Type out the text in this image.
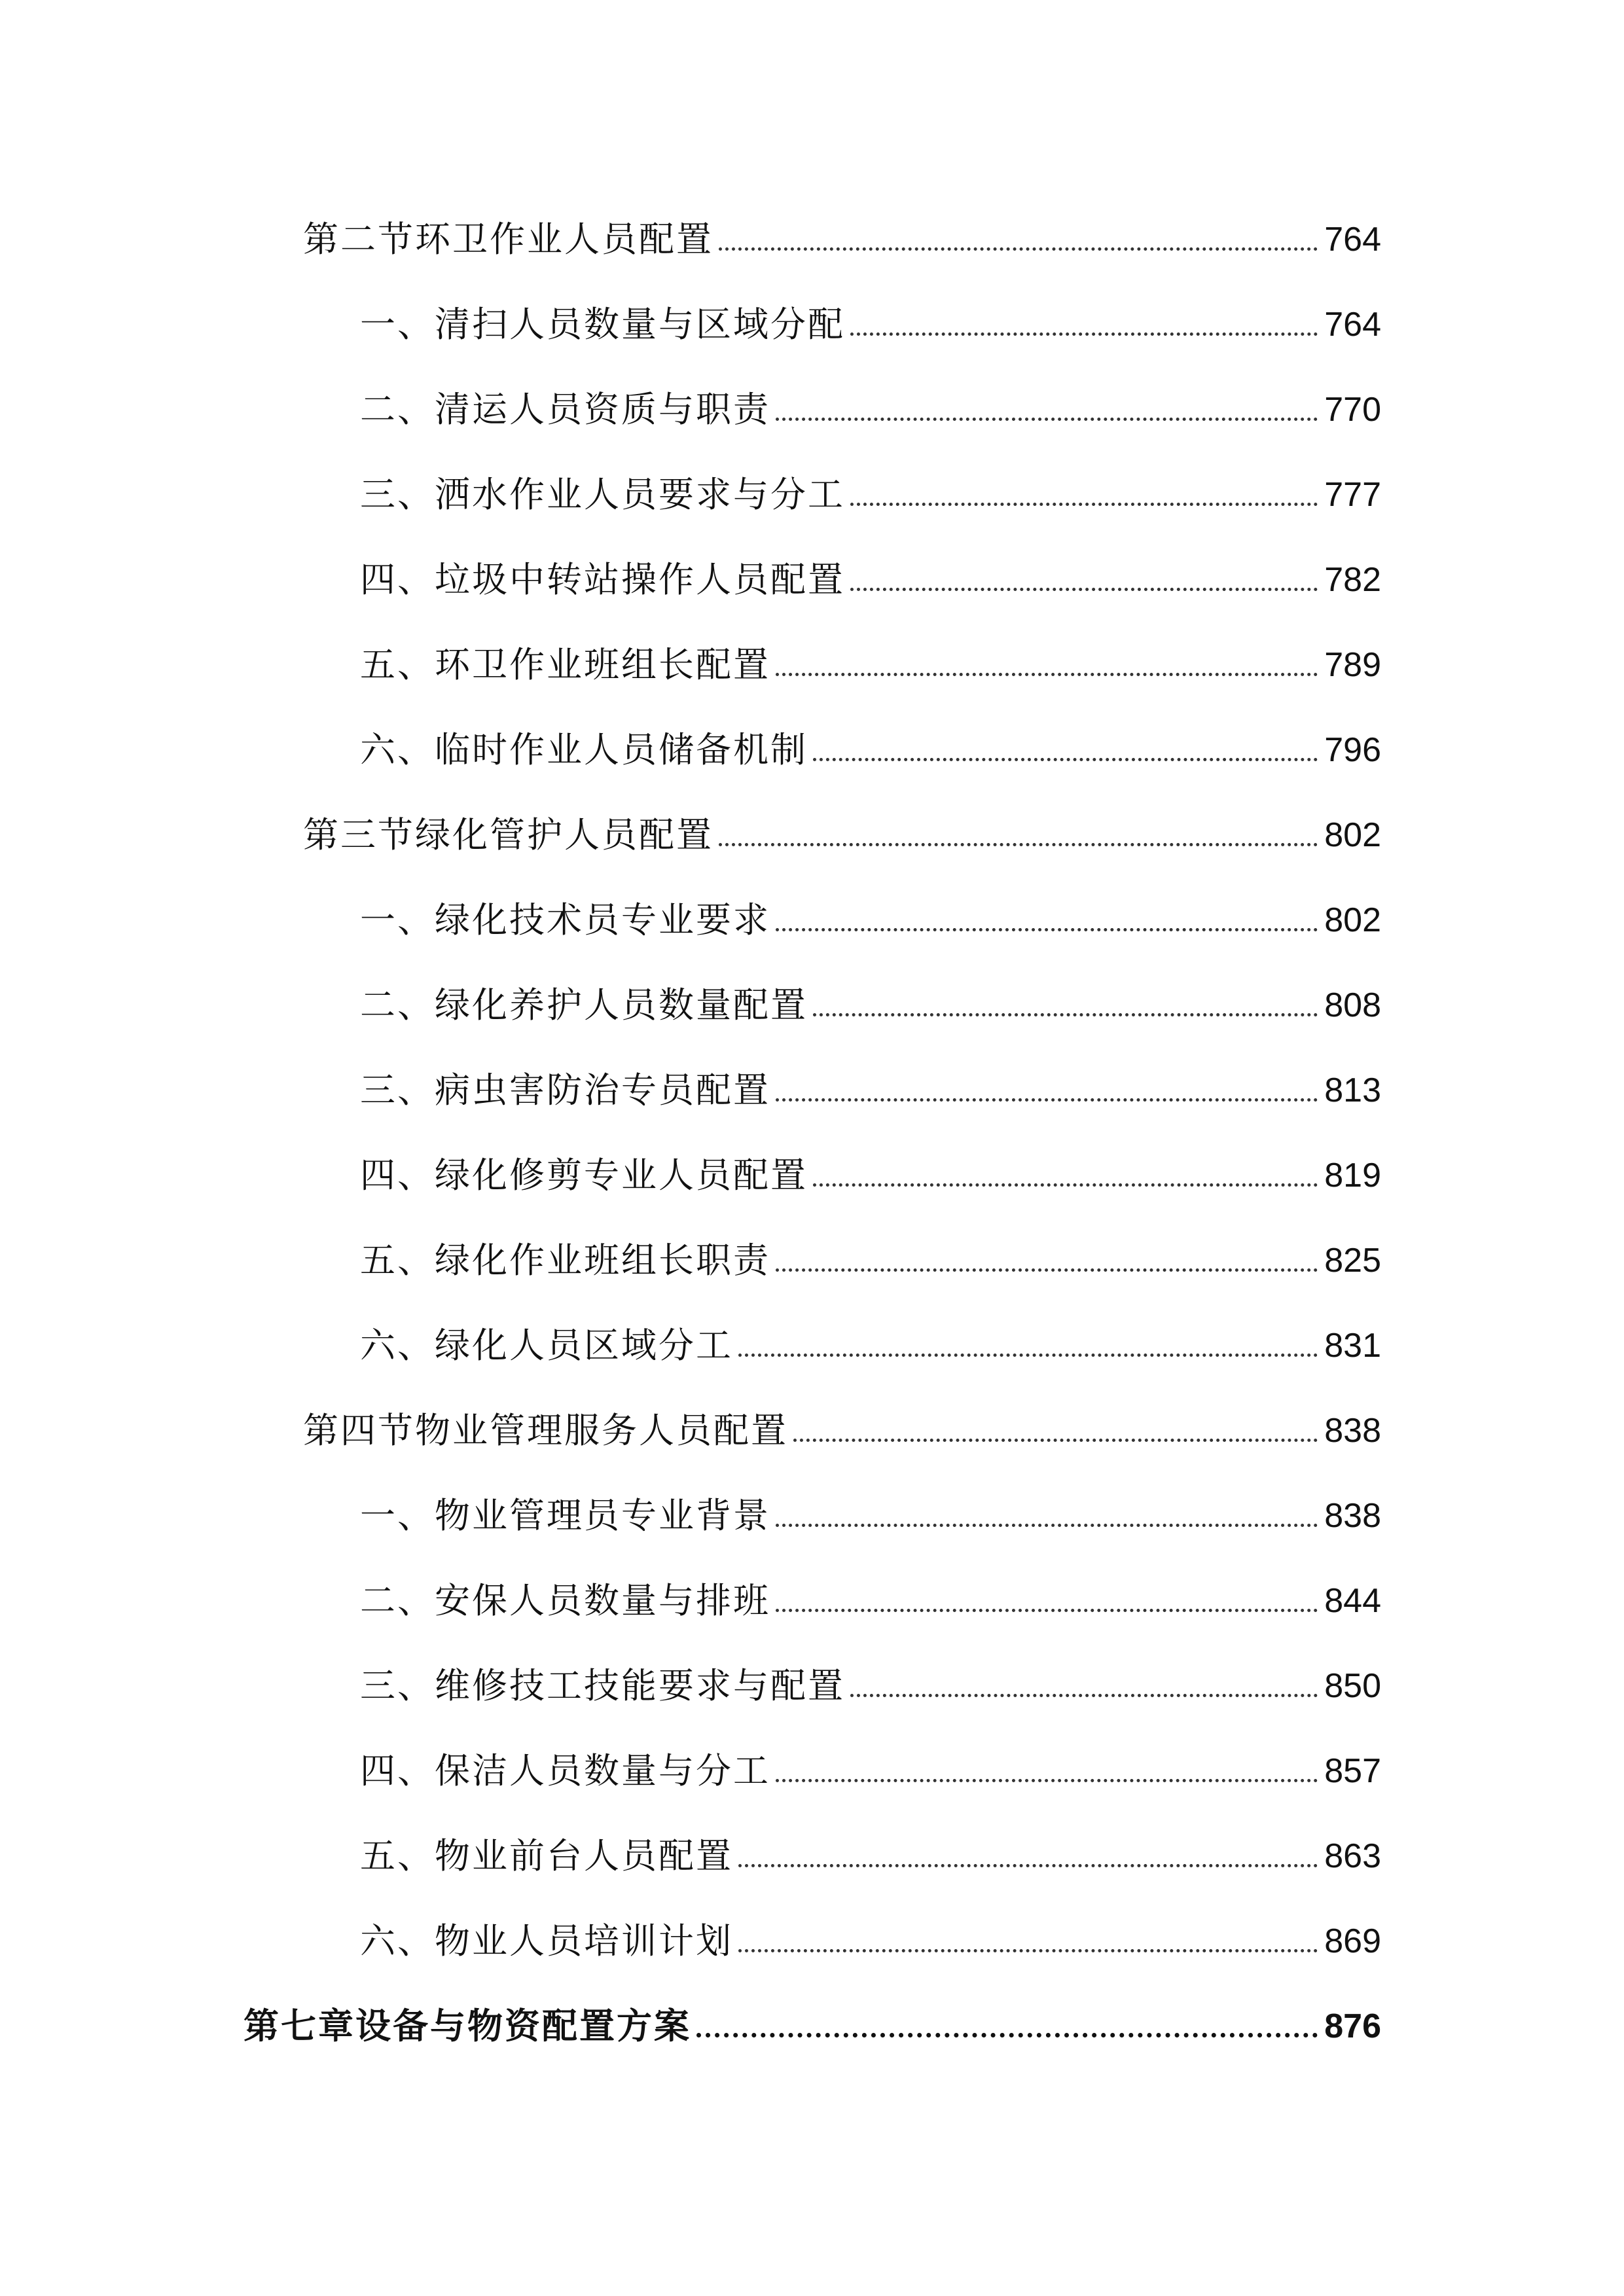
第二节环卫作业人员配置	764
一、清扫人员数量与区域分配	764
二、清运人员资质与职责	770
三、洒水作业人员要求与分工	777
四、垃圾中转站操作人员配置	782
五、环卫作业班组长配置	789
六、临时作业人员储备机制	796
第三节绿化管护人员配置	802
一、绿化技术员专业要求	802
二、绿化养护人员数量配置	808
三、病虫害防治专员配置	813
四、绿化修剪专业人员配置	819
五、绿化作业班组长职责	825
六、绿化人员区域分工	831
第四节物业管理服务人员配置	838
一、物业管理员专业背景	838
二、安保人员数量与排班	844
三、维修技工技能要求与配置	850
四、保洁人员数量与分工	857
五、物业前台人员配置	863
六、物业人员培训计划	869
第七章设备与物资配置方案	876
